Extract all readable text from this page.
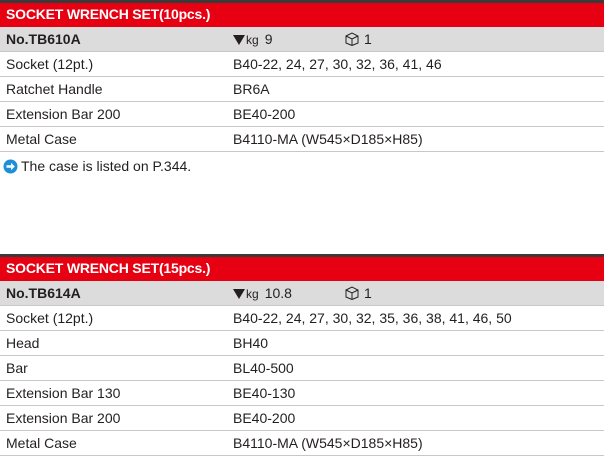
SOCKET WRENCH SET(10pcs.)
No.TB610A	kg 9	1
Socket (12pt.)	B40-22, 24, 27, 30, 32, 36, 41, 46
Ratchet Handle	BR6A
Extension Bar 200	BE40-200
Metal Case	B4110-MA (W545×D185×H85)
The case is listed on P.344.
SOCKET WRENCH SET(15pcs.)
No.TB614A	kg 10.8	1
Socket (12pt.)	B40-22, 24, 27, 30, 32, 35, 36, 38, 41, 46, 50
Head	BH40
Bar	BL40-500
Extension Bar 130	BE40-130
Extension Bar 200	BE40-200
Metal Case	B4110-MA (W545×D185×H85)
